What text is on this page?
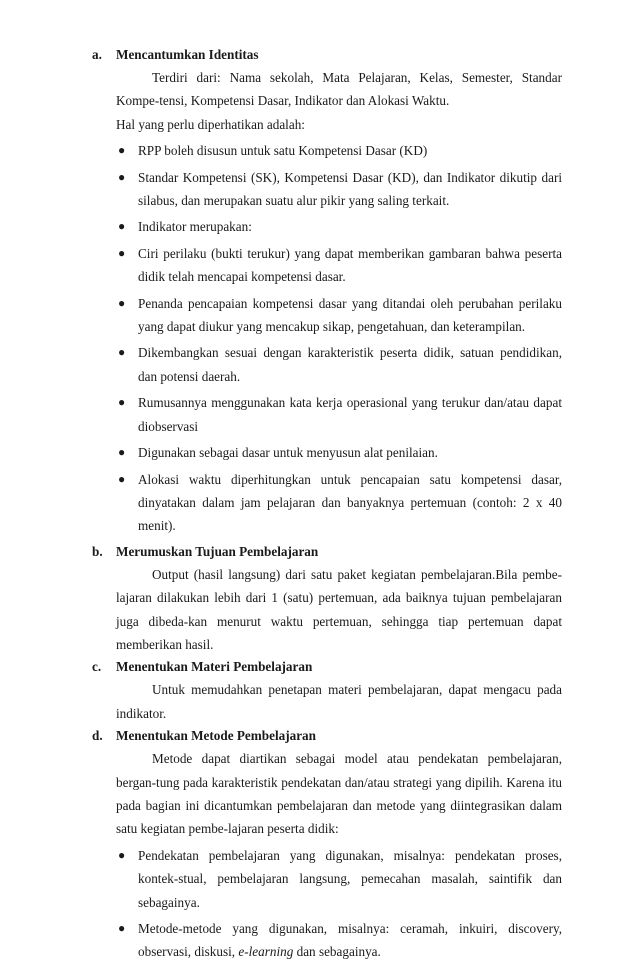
a. Mencantumkan Identitas
Terdiri dari: Nama sekolah, Mata Pelajaran, Kelas, Semester, Standar Kompe-tensi, Kompetensi Dasar, Indikator dan Alokasi Waktu.
Hal yang perlu diperhatikan adalah:
● RPP boleh disusun untuk satu Kompetensi Dasar (KD)
● Standar Kompetensi (SK), Kompetensi Dasar (KD), dan Indikator dikutip dari silabus, dan merupakan suatu alur pikir yang saling terkait.
● Indikator merupakan:
● Ciri perilaku (bukti terukur) yang dapat memberikan gambaran bahwa peserta didik telah mencapai kompetensi dasar.
● Penanda pencapaian kompetensi dasar yang ditandai oleh perubahan perilaku yang dapat diukur yang mencakup sikap, pengetahuan, dan keterampilan.
● Dikembangkan sesuai dengan karakteristik peserta didik, satuan pendidikan, dan potensi daerah.
● Rumusannya menggunakan kata kerja operasional yang terukur dan/atau dapat diobservasi
● Digunakan sebagai dasar untuk menyusun alat penilaian.
● Alokasi waktu diperhitungkan untuk pencapaian satu kompetensi dasar, dinyatakan dalam jam pelajaran dan banyaknya pertemuan (contoh: 2 x 40 menit).
b. Merumuskan Tujuan Pembelajaran
Output (hasil langsung) dari satu paket kegiatan pembelajaran.Bila pembe-lajaran dilakukan lebih dari 1 (satu) pertemuan, ada baiknya tujuan pembelajaran juga dibeda-kan menurut waktu pertemuan, sehingga tiap pertemuan dapat memberikan hasil.
c. Menentukan Materi Pembelajaran
Untuk memudahkan penetapan materi pembelajaran, dapat mengacu pada indikator.
d. Menentukan Metode Pembelajaran
Metode dapat diartikan sebagai model atau pendekatan pembelajaran, bergan-tung pada karakteristik pendekatan dan/atau strategi yang dipilih. Karena itu pada bagian ini dicantumkan pembelajaran dan metode yang diintegrasikan dalam satu kegiatan pembe-lajaran peserta didik:
● Pendekatan pembelajaran yang digunakan, misalnya: pendekatan proses, kontek-stual, pembelajaran langsung, pemecahan masalah, saintifik dan sebagainya.
● Metode-metode yang digunakan, misalnya: ceramah, inkuiri, discovery, observasi, diskusi, e-learning dan sebagainya.
